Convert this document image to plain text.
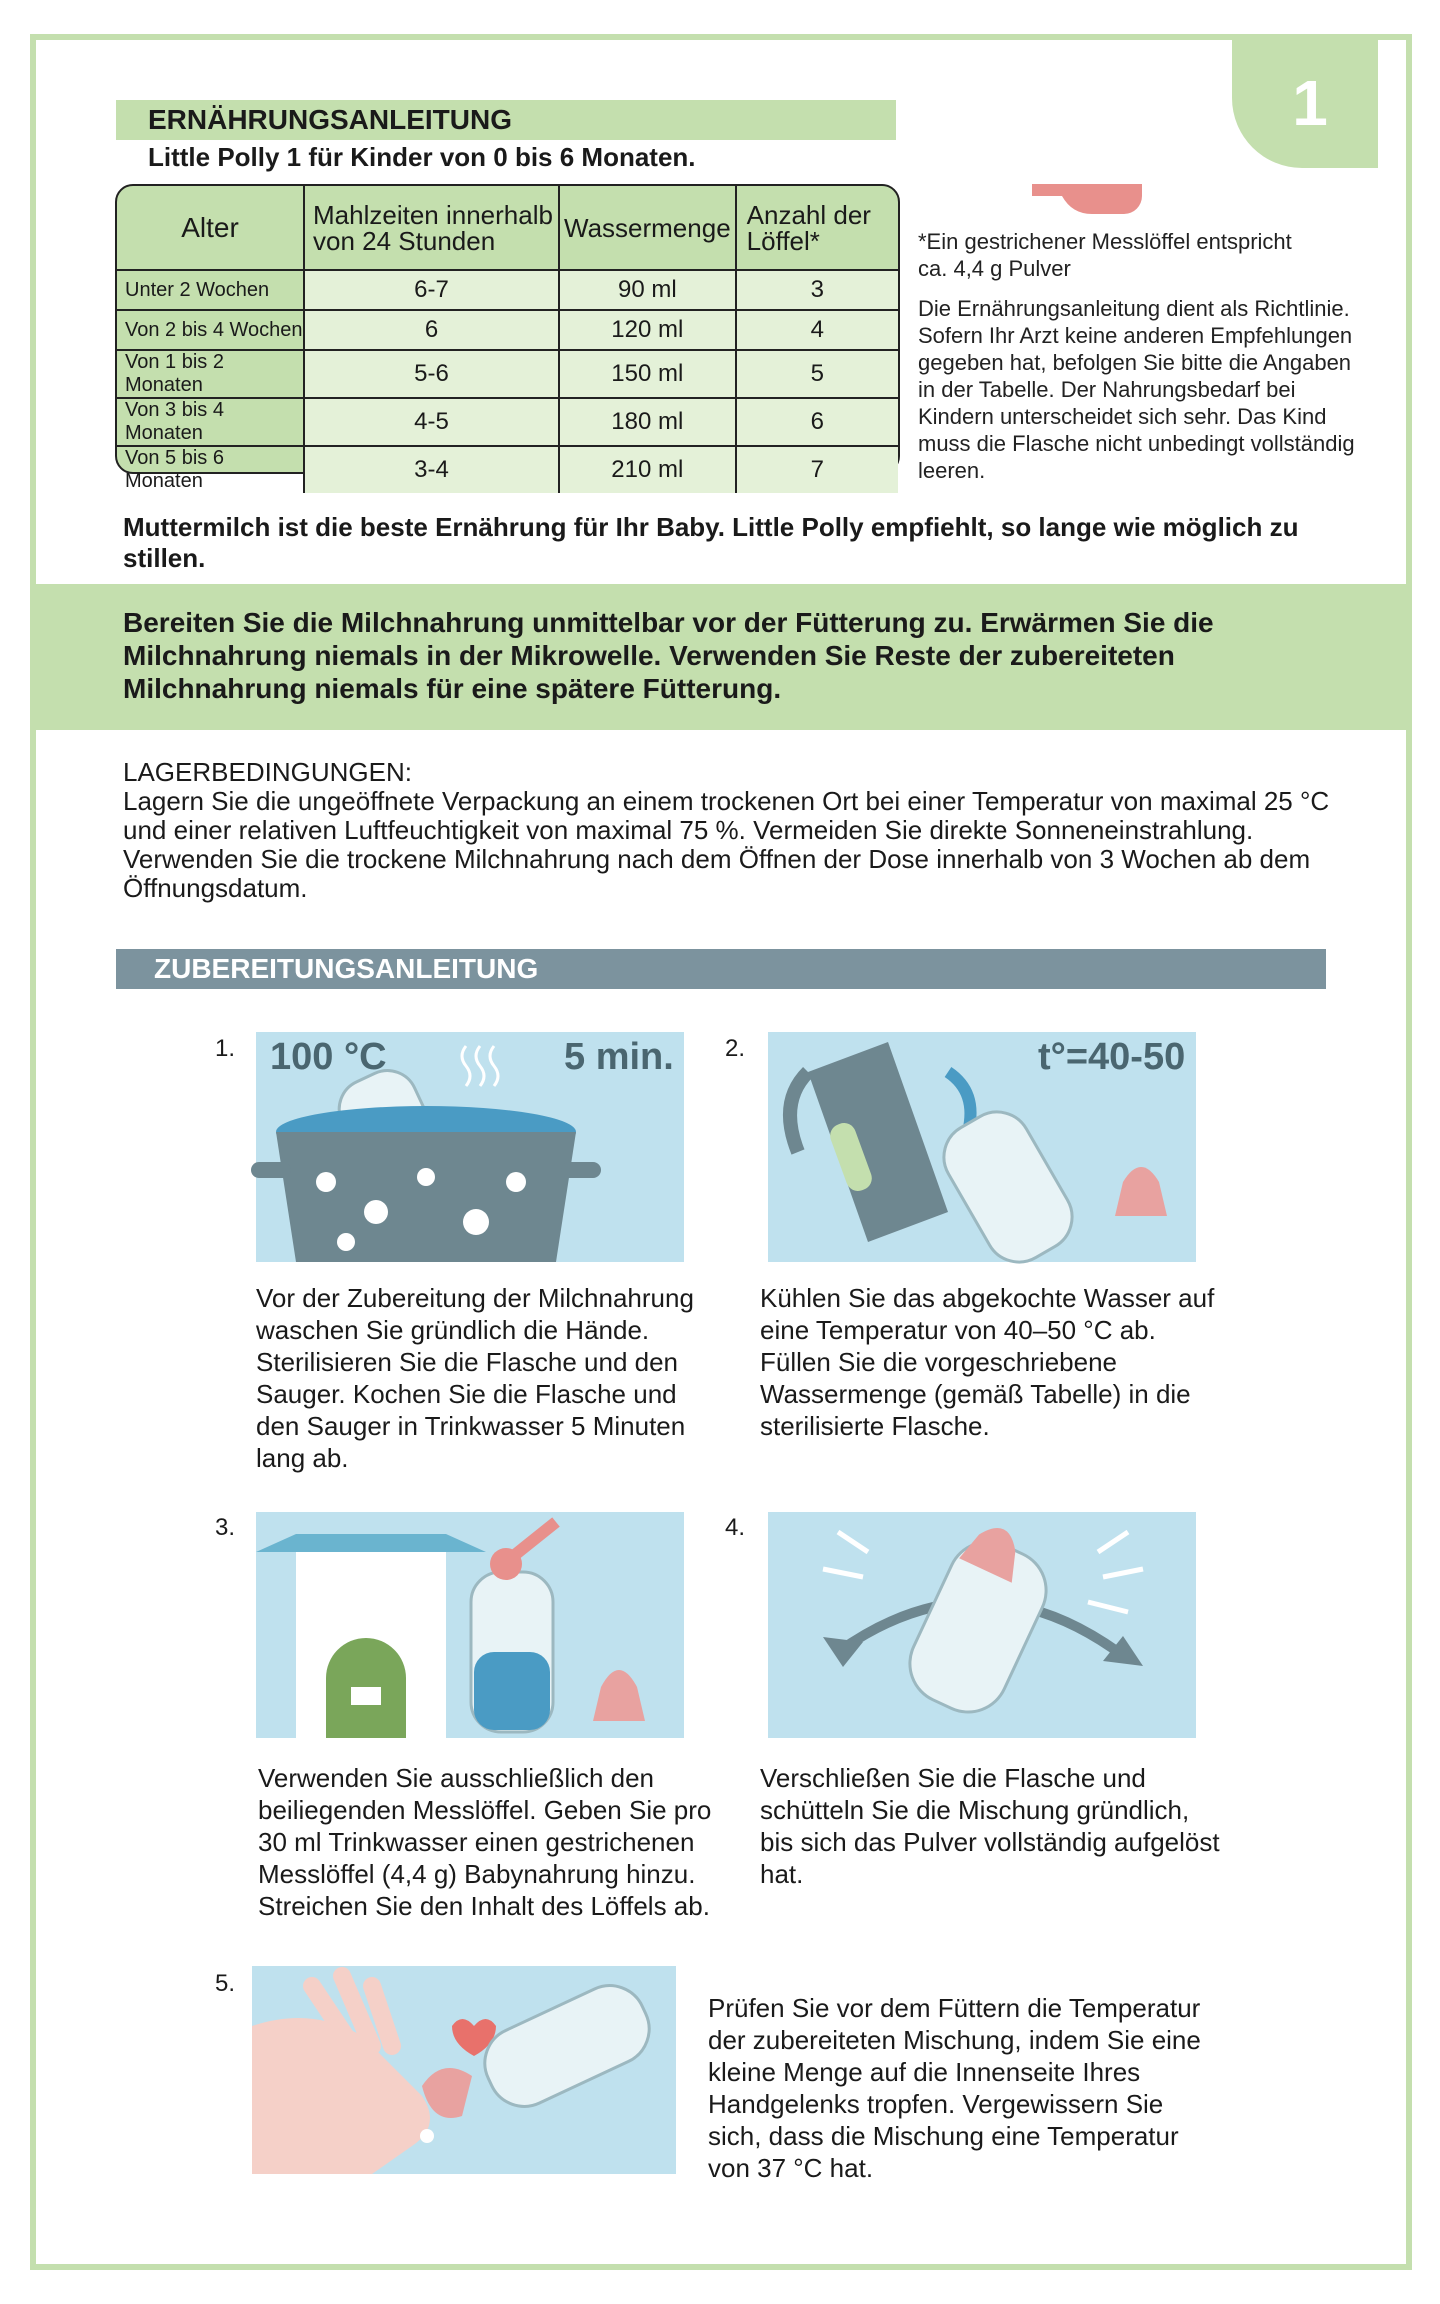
1
ERNÄHRUNGSANLEITUNG
Little Polly 1 für Kinder von 0 bis 6 Monaten.
Alter	Mahlzeiten innerhalb von 24 Stunden	Wassermenge	Anzahl der Löffel*
Unter 2 Wochen	6-7	90 ml	3
Von 2 bis 4 Wochen	6	120 ml	4
Von 1 bis 2 Monaten	5-6	150 ml	5
Von 3 bis 4 Monaten	4-5	180 ml	6
Von 5 bis 6 Monaten	3-4	210 ml	7
*Ein gestrichener Messlöffel entspricht ca. 4,4 g Pulver
Die Ernährungsanleitung dient als Richtlinie. Sofern Ihr Arzt keine anderen Empfehlungen gegeben hat, befolgen Sie bitte die Angaben in der Tabelle. Der Nahrungsbedarf bei Kindern unterscheidet sich sehr. Das Kind muss die Flasche nicht unbedingt vollständig leeren.
Muttermilch ist die beste Ernährung für Ihr Baby. Little Polly empfiehlt, so lange wie möglich zu stillen.
Bereiten Sie die Milchnahrung unmittelbar vor der Fütterung zu. Erwärmen Sie die Milchnahrung niemals in der Mikrowelle. Verwenden Sie Reste der zubereiteten Milchnahrung niemals für eine spätere Fütterung.
LAGERBEDINGUNGEN:
Lagern Sie die ungeöffnete Verpackung an einem trockenen Ort bei einer Temperatur von maximal 25 °C und einer relativen Luftfeuchtigkeit von maximal 75 %. Vermeiden Sie direkte Sonneneinstrahlung. Verwenden Sie die trockene Milchnahrung nach dem Öffnen der Dose innerhalb von 3 Wochen ab dem Öffnungsdatum.
ZUBEREITUNGSANLEITUNG
1. 100 °C	5 min.
Vor der Zubereitung der Milchnahrung waschen Sie gründlich die Hände. Sterilisieren Sie die Flasche und den Sauger. Kochen Sie die Flasche und den Sauger in Trinkwasser 5 Minuten lang ab.
2.	t°=40-50
Kühlen Sie das abgekochte Wasser auf eine Temperatur von 40–50 °C ab. Füllen Sie die vorgeschriebene Wassermenge (gemäß Tabelle) in die sterilisierte Flasche.
3.
Verwenden Sie ausschließlich den beiliegenden Messlöffel. Geben Sie pro 30 ml Trinkwasser einen gestrichenen Messlöffel (4,4 g) Babynahrung hinzu. Streichen Sie den Inhalt des Löffels ab.
4.
Verschließen Sie die Flasche und schütteln Sie die Mischung gründlich, bis sich das Pulver vollständig aufgelöst hat.
5.
Prüfen Sie vor dem Füttern die Temperatur der zubereiteten Mischung, indem Sie eine kleine Menge auf die Innenseite Ihres Handgelenks tropfen. Vergewissern Sie sich, dass die Mischung eine Temperatur von 37 °C hat.
